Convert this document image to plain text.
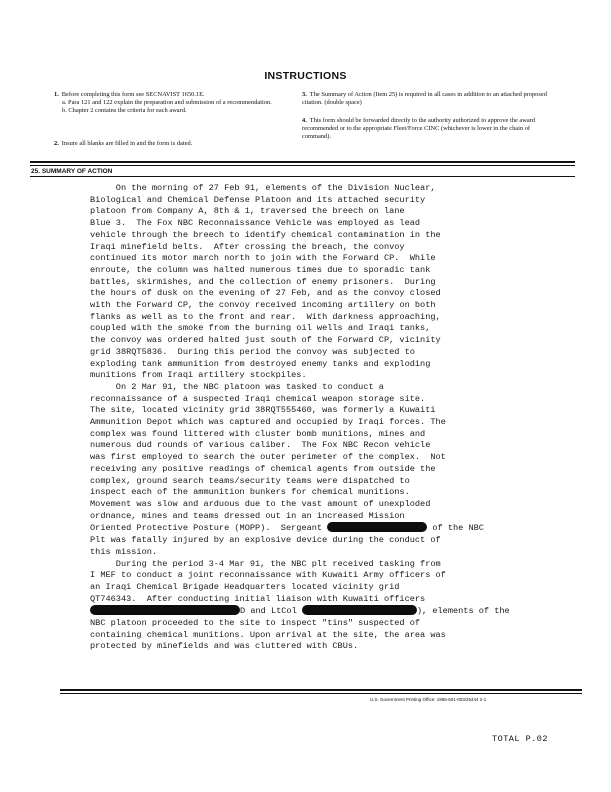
INSTRUCTIONS
1. Before completing this form see SECNAVIST 1650.1E.
a. Para 121 and 122 explain the preparation and submission of a recommendation.
b. Chapter 2 contains the criteria for each award.
2. Insure all blanks are filled in and the form is dated.
3. The Summary of Action (Item 25) is required in all cases in addition to an attached proposed citation. (double space)
4. This form should be forwarded directly to the authority authorized to approve the award recommended or to the appropriate Fleet/Force CINC (whichever is lower in the chain of command).
25. SUMMARY OF ACTION
On the morning of 27 Feb 91, elements of the Division Nuclear,
Biological and Chemical Defense Platoon and its attached security
platoon from Company A, 8th & 1, traversed the breech on lane
Blue 3.  The Fox NBC Reconnaissance Vehicle was employed as lead
vehicle through the breech to identify chemical contamination in the
Iraqi minefield belts.  After crossing the breach, the convoy
continued its motor march north to join with the Forward CP.  While
enroute, the column was halted numerous times due to sporadic tank
battles, skirmishes, and the collection of enemy prisoners.  During
the hours of dusk on the evening of 27 Feb, and as the convoy closed
with the Forward CP, the convoy received incoming artillery on both
flanks as well as to the front and rear.  With darkness approaching,
coupled with the smoke from the burning oil wells and Iraqi tanks,
the convoy was ordered halted just south of the Forward CP, vicinity
grid 38RQT5836.  During this period the convoy was subjected to
exploding tank ammunition from destroyed enemy tanks and exploding
munitions from Iraqi artillery stockpiles.
On 2 Mar 91, the NBC platoon was tasked to conduct a
reconnaissance of a suspected Iraqi chemical weapon storage site.
The site, located vicinity grid 38RQT555460, was formerly a Kuwaiti
Ammunition Depot which was captured and occupied by Iraqi forces. The
complex was found littered with cluster bomb munitions, mines and
numerous dud rounds of various caliber.  The Fox NBC Recon vehicle
was first employed to search the outer perimeter of the complex.  Not
receiving any positive readings of chemical agents from outside the
complex, ground search teams/security teams were dispatched to
inspect each of the ammunition bunkers for chemical munitions.
Movement was slow and arduous due to the vast amount of unexploded
ordnance, mines and teams dressed out in an increased Mission
Oriented Protective Posture (MOPP).  Sergeant	of the NBC
Plt was fatally injured by an explosive device during the conduct of
this mission.
During the period 3-4 Mar 91, the NBC plt received tasking from
I MEF to conduct a joint reconnaissance with Kuwaiti Army officers of
an Iraqi Chemical Brigade Headquarters located vicinity grid
QT746343.  After conducting initial liaison with Kuwaiti officers
D and LtCol	), elements of the
NBC platoon proceeded to the site to inspect "tins" suspected of
containing chemical munitions. Upon arrival at the site, the area was
protected by minefields and was cluttered with CBUs.
U.S. Government Printing Office: 1985-601-003/25444 2-1
TOTAL P.02
